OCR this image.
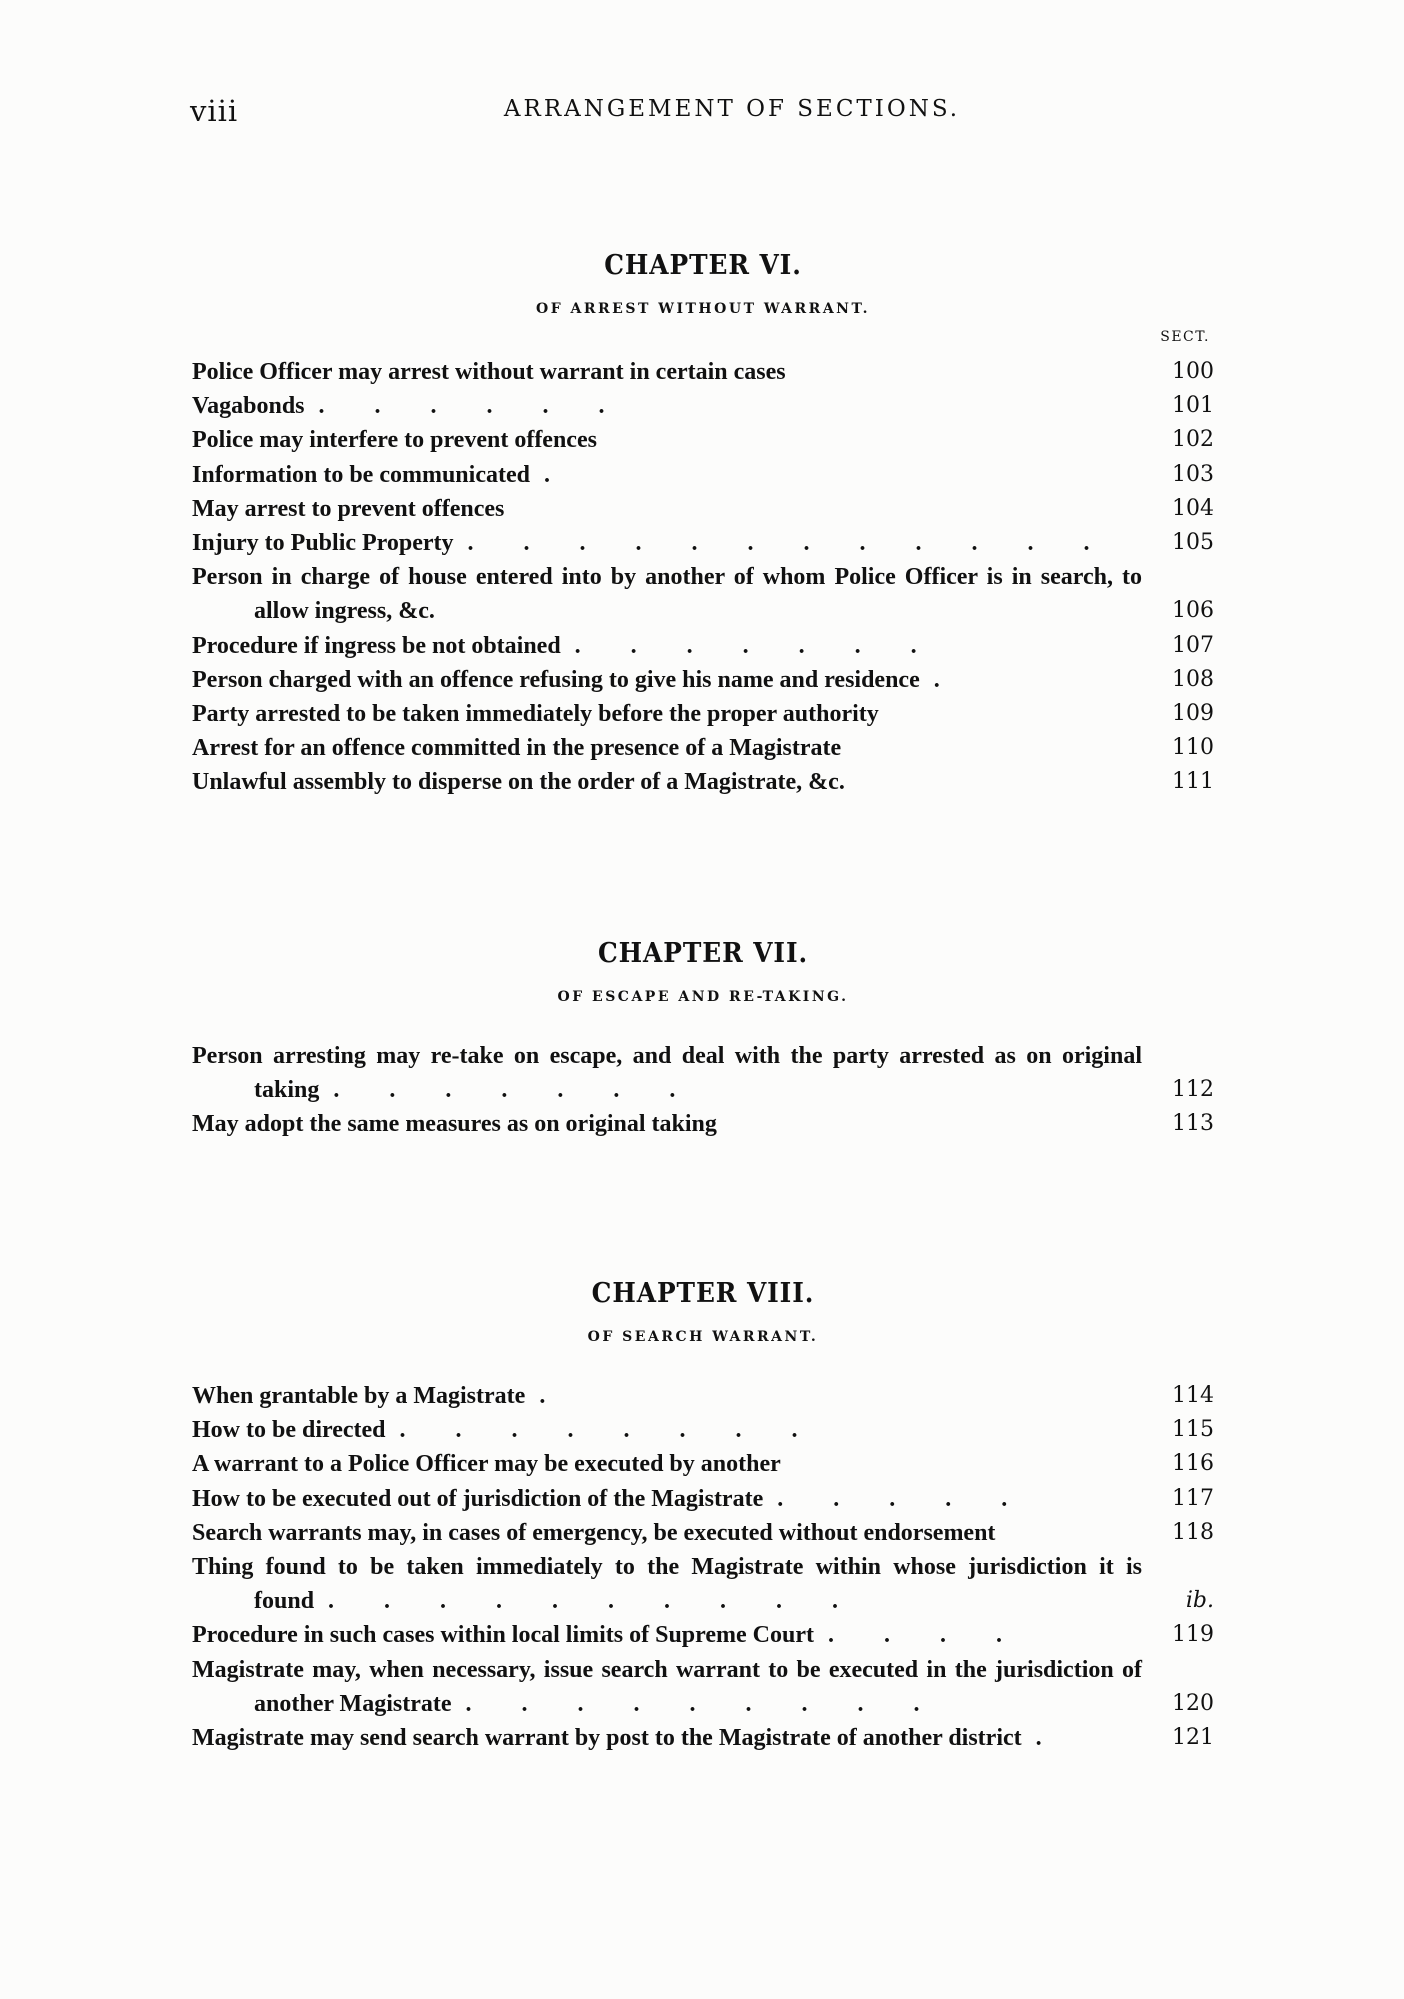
viii	ARRANGEMENT OF SECTIONS.
CHAPTER VI.
OF ARREST WITHOUT WARRANT.
SECT.
Police Officer may arrest without warrant in certain cases	100
Vagabonds . . . . . .	101
Police may interfere to prevent offences	102
Information to be communicated .	103
May arrest to prevent offences	104
Injury to Public Property . . . . . . . . . . . .	105
Person in charge of house entered into by another of whom Police Officer is in search, to allow ingress, &c.	106
Procedure if ingress be not obtained . . . . . . .	107
Person charged with an offence refusing to give his name and residence .	108
Party arrested to be taken immediately before the proper authority	109
Arrest for an offence committed in the presence of a Magistrate	110
Unlawful assembly to disperse on the order of a Magistrate, &c.	111
CHAPTER VII.
OF ESCAPE AND RE-TAKING.
Person arresting may re-take on escape, and deal with the party arrested as on original taking . . . . . . .	112
May adopt the same measures as on original taking	113
CHAPTER VIII.
OF SEARCH WARRANT.
When grantable by a Magistrate .	114
How to be directed . . . . . . . .	115
A warrant to a Police Officer may be executed by another	116
How to be executed out of jurisdiction of the Magistrate . . . . .	117
Search warrants may, in cases of emergency, be executed without endorsement	118
Thing found to be taken immediately to the Magistrate within whose jurisdiction it is found . . . . . . . . . .	ib.
Procedure in such cases within local limits of Supreme Court . . . .	119
Magistrate may, when necessary, issue search warrant to be executed in the jurisdiction of another Magistrate . . . . . . . . .	120
Magistrate may send search warrant by post to the Magistrate of another district .	121
